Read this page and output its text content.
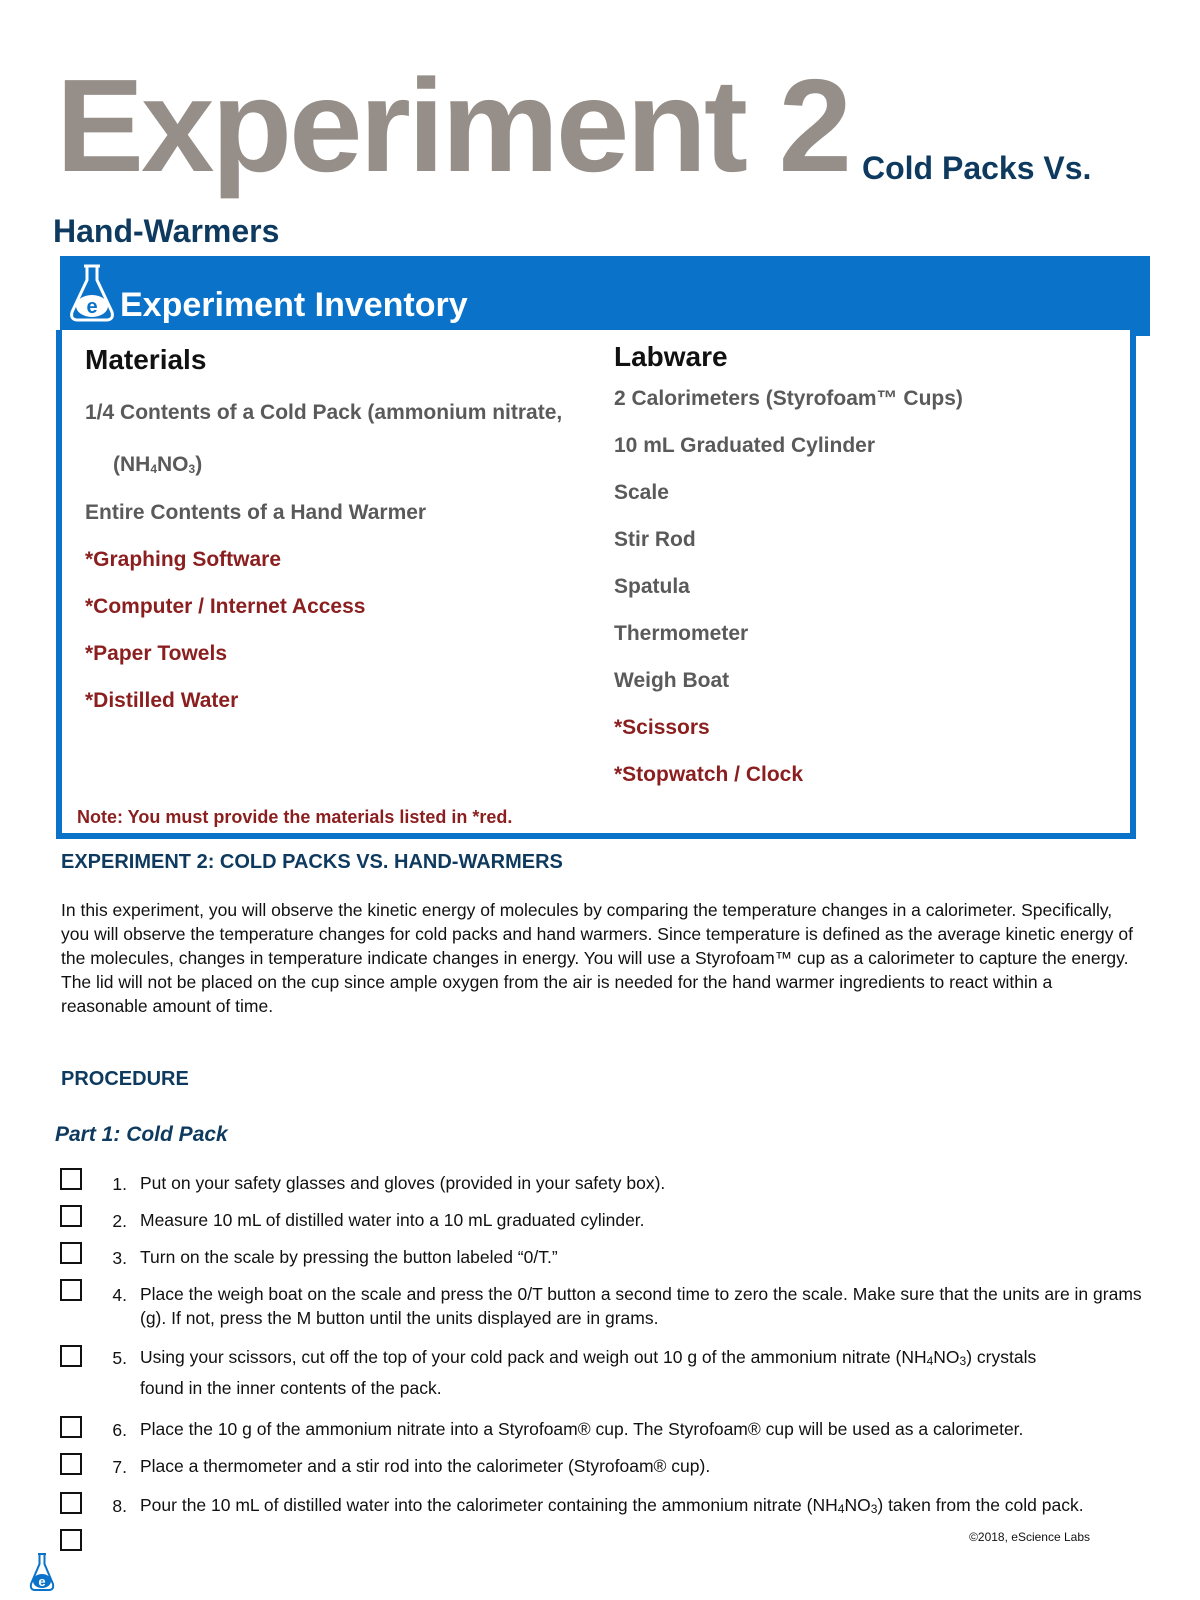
Experiment 2 Cold Packs Vs.
Hand-Warmers
e Experiment Inventory
Materials
1/4 Contents of a Cold Pack (ammonium nitrate,
$(NH_4NO_3)$
Entire Contents of a Hand Warmer
*Graphing Software
*Computer / Internet Access
*Paper Towels
*Distilled Water
Labware
2 Calorimeters (Styrofoam™ Cups)
10 mL Graduated Cylinder
Scale
Stir Rod
Spatula
Thermometer
Weigh Boat
*Scissors
*Stopwatch / Clock
Note: You must provide the materials listed in *red.
EXPERIMENT 2: COLD PACKS VS. HAND-WARMERS
In this experiment, you will observe the kinetic energy of molecules by comparing the temperature changes in a calorimeter. Specifically, you will observe the temperature changes for cold packs and hand warmers. Since temperature is defined as the average kinetic energy of the molecules, changes in temperature indicate changes in energy. You will use a Styrofoam™ cup as a calorimeter to capture the energy. The lid will not be placed on the cup since ample oxygen from the air is needed for the hand warmer ingredients to react within a reasonable amount of time.
PROCEDURE
Part 1: Cold Pack
1. Put on your safety glasses and gloves (provided in your safety box).
2. Measure 10 mL of distilled water into a 10 mL graduated cylinder.
3. Turn on the scale by pressing the button labeled “0/T.”
4. Place the weigh boat on the scale and press the 0/T button a second time to zero the scale. Make sure that the units are in grams (g). If not, press the M button until the units displayed are in grams.
5. Using your scissors, cut off the top of your cold pack and weigh out 10 g of the ammonium nitrate $(NH_4NO_3)$ crystals
found in the inner contents of the pack.
6. Place the 10 g of the ammonium nitrate into a Styrofoam® cup. The Styrofoam® cup will be used as a calorimeter.
7. Place a thermometer and a stir rod into the calorimeter (Styrofoam® cup).
8. Pour the 10 mL of distilled water into the calorimeter containing the ammonium nitrate $(NH_4NO_3)$ taken from the cold pack.
©2018, eScience Labs
e
